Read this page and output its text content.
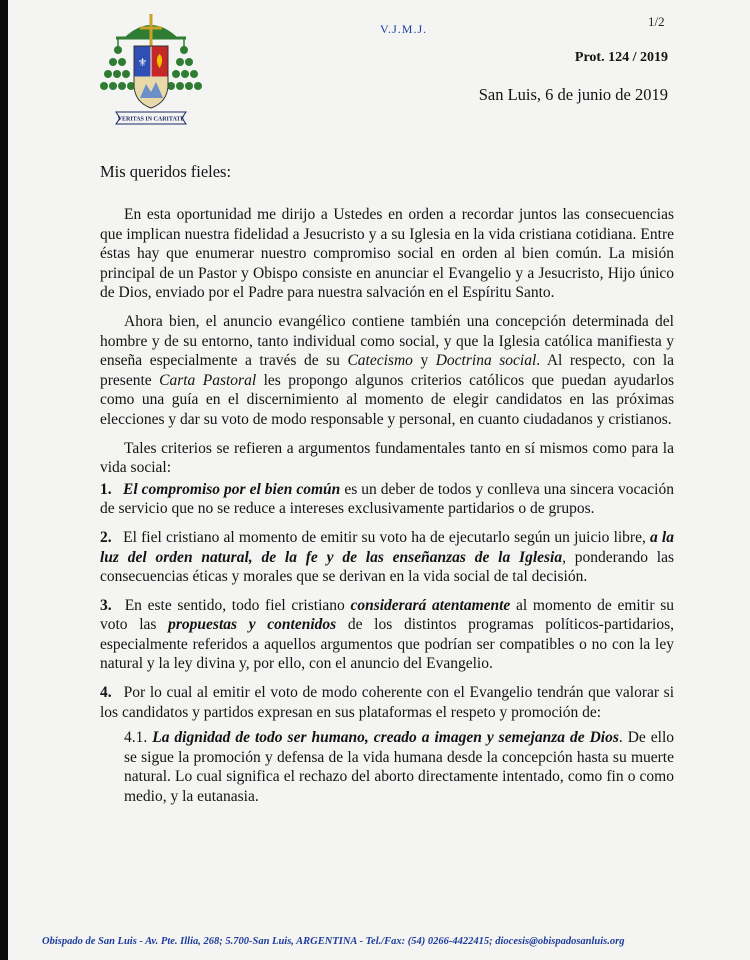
⚜
VERITAS IN CARITATE
V.J.M.J.	1/2
Prot. 124 / 2019
San Luis, 6 de junio de 2019
Mis queridos fieles:

En esta oportunidad me dirijo a Ustedes en orden a recordar juntos las consecuencias que implican nuestra fidelidad a Jesucristo y a su Iglesia en la vida cristiana cotidiana. Entre éstas hay que enumerar nuestro compromiso social en orden al bien común. La misión principal de un Pastor y Obispo consiste en anunciar el Evangelio y a Jesucristo, Hijo único de Dios, enviado por el Padre para nuestra salvación en el Espíritu Santo.

Ahora bien, el anuncio evangélico contiene también una concepción determinada del hombre y de su entorno, tanto individual como social, y que la Iglesia católica manifiesta y enseña especialmente a través de su Catecismo y Doctrina social. Al respecto, con la presente Carta Pastoral les propongo algunos criterios católicos que puedan ayudarlos como una guía en el discernimiento al momento de elegir candidatos en las próximas elecciones y dar su voto de modo responsable y personal, en cuanto ciudadanos y cristianos.

Tales criterios se refieren a argumentos fundamentales tanto en sí mismos como para la vida social:

1. El compromiso por el bien común es un deber de todos y conlleva una sincera vocación de servicio que no se reduce a intereses exclusivamente partidarios o de grupos.

2. El fiel cristiano al momento de emitir su voto ha de ejecutarlo según un juicio libre, a la luz del orden natural, de la fe y de las enseñanzas de la Iglesia, ponderando las consecuencias éticas y morales que se derivan en la vida social de tal decisión.

3. En este sentido, todo fiel cristiano considerará atentamente al momento de emitir su voto las propuestas y contenidos de los distintos programas políticos-partidarios, especialmente referidos a aquellos argumentos que podrían ser compatibles o no con la ley natural y la ley divina y, por ello, con el anuncio del Evangelio.

4. Por lo cual al emitir el voto de modo coherente con el Evangelio tendrán que valorar si los candidatos y partidos expresan en sus plataformas el respeto y promoción de:

4.1. La dignidad de todo ser humano, creado a imagen y semejanza de Dios. De ello se sigue la promoción y defensa de la vida humana desde la concepción hasta su muerte natural. Lo cual significa el rechazo del aborto directamente intentado, como fin o como medio, y la eutanasia.

Obispado de San Luis - Av. Pte. Illia, 268; 5.700-San Luis, ARGENTINA - Tel./Fax: (54) 0266-4422415; diocesis@obispadosanluis.org
